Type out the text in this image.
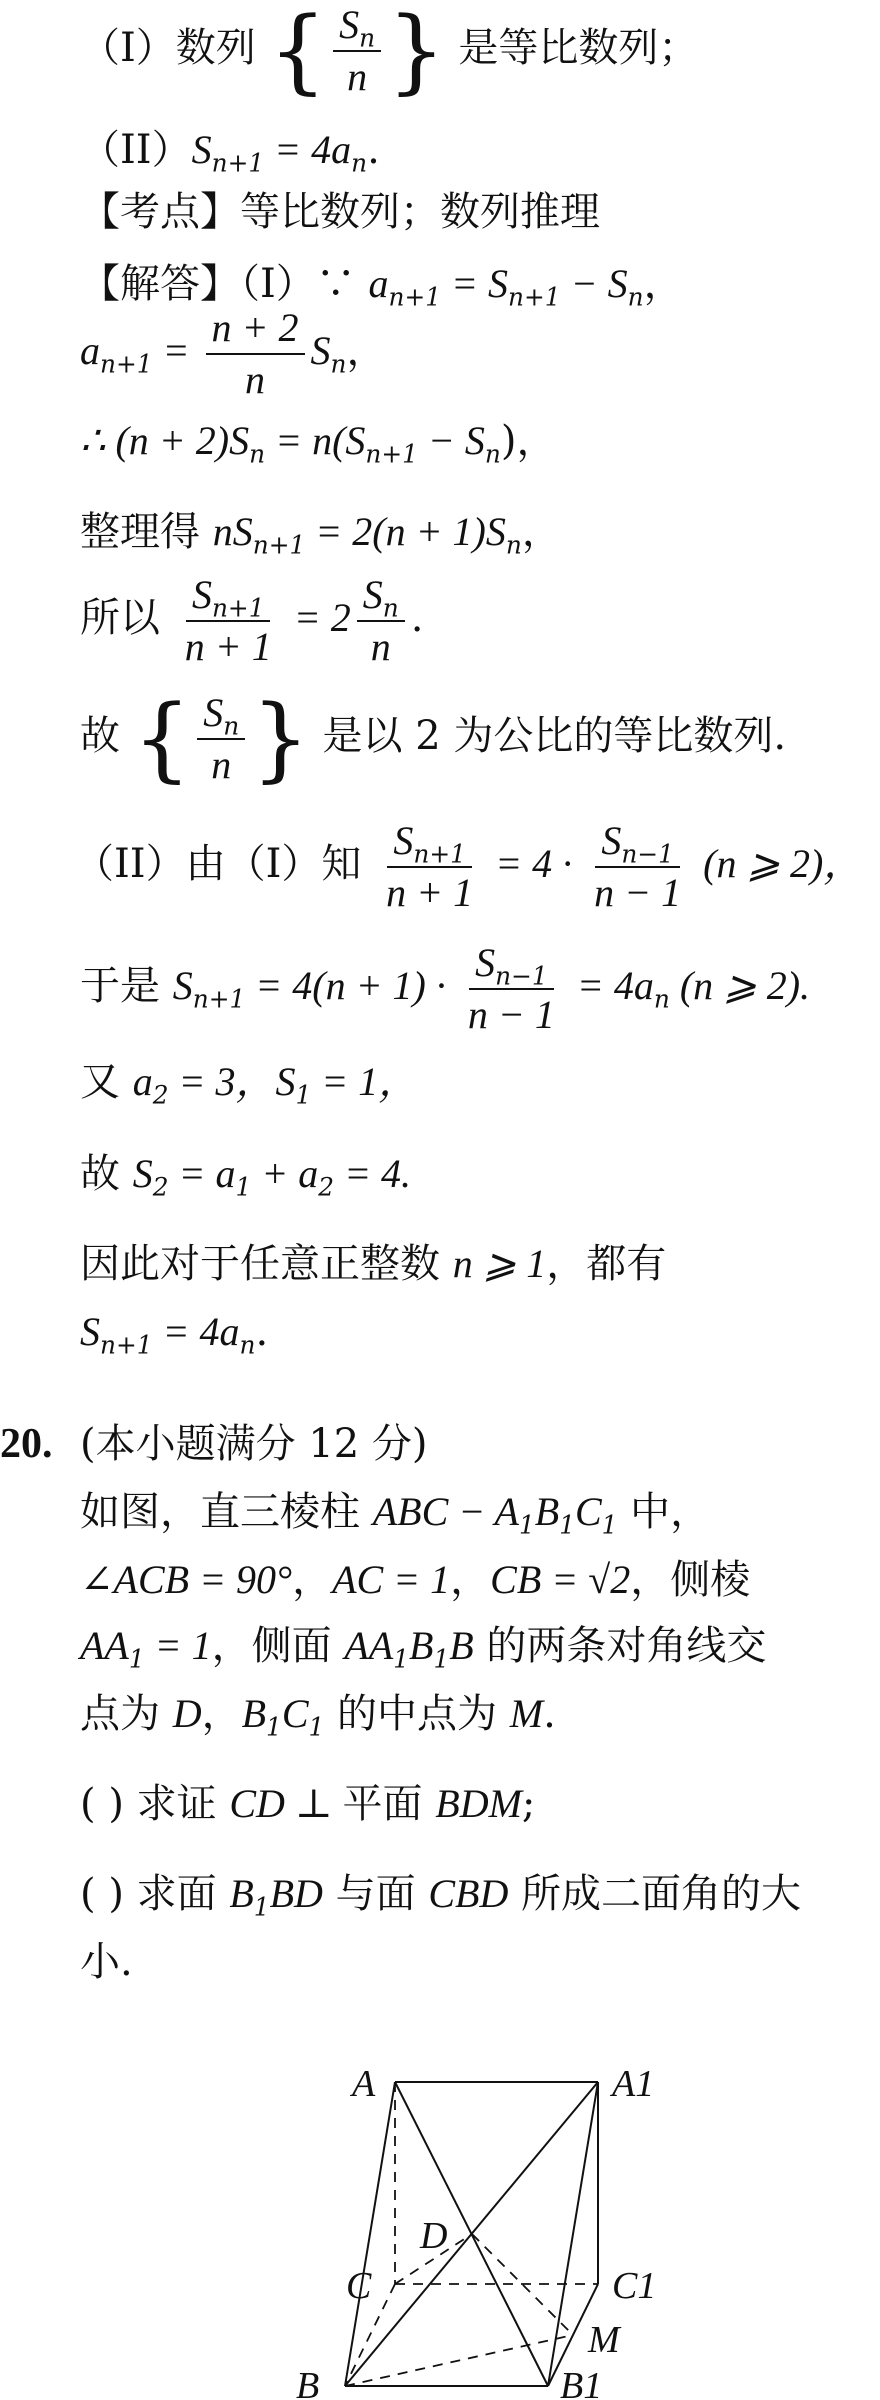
（I）数列 { $\frac{S_n}{n}$ } 是等比数列；
$(II)S_{n+1} = 4a_n$.
【考点】等比数列；数列推理
【解答】（I）∵ $a_{n+1} = S_{n+1} - S_n$，
$a_{n+1} = \frac{n + 2}{n} S_n$，
∴ $(n + 2)S_n = n(S_{n+1} - S_n)$，
整理得 $nS_{n+1} = 2(n + 1)S_n$，
所以 $\frac{S_{n+1}}{n + 1} = 2 \frac{S_n}{n}$ .
故 { $\frac{S_n}{n}$ } 是以 2 为公比的等比数列.
（II）由（I）知 $\frac{S_{n+1}}{n + 1} = 4 \cdot \frac{S_{n-1}}{n - 1} (n$ ⩾ 2)，
于是 $S_{n+1} = 4(n + 1) \cdot \frac{S_{n-1}}{n - 1} = 4a_n$ (n ⩾ 2).
又 $a_2 = 3$，$S_1 = 1$，
故 $S_2 = a_1 + a_2 = 4$.
因此对于任意正整数 n ⩾ 1，都有
$S_{n+1} = 4a_n$.
20. (本小题满分 12 分)
如图，直三棱柱 ABC − $A_1B_1C_1$ 中，
∠ACB = 90°，AC = 1，CB = √2，侧棱
$AA_1 = 1$，侧面 $AA_1B_1B$ 的两条对角线交
点为 D，$B_1C_1$ 的中点为 M.
( ) 求证 CD ⊥ 平面 BDM;
( ) 求面 $B_1BD$ 与面 CBD 所成二面角的大
小.
A	A1
D
C	C1
M
B	B1
